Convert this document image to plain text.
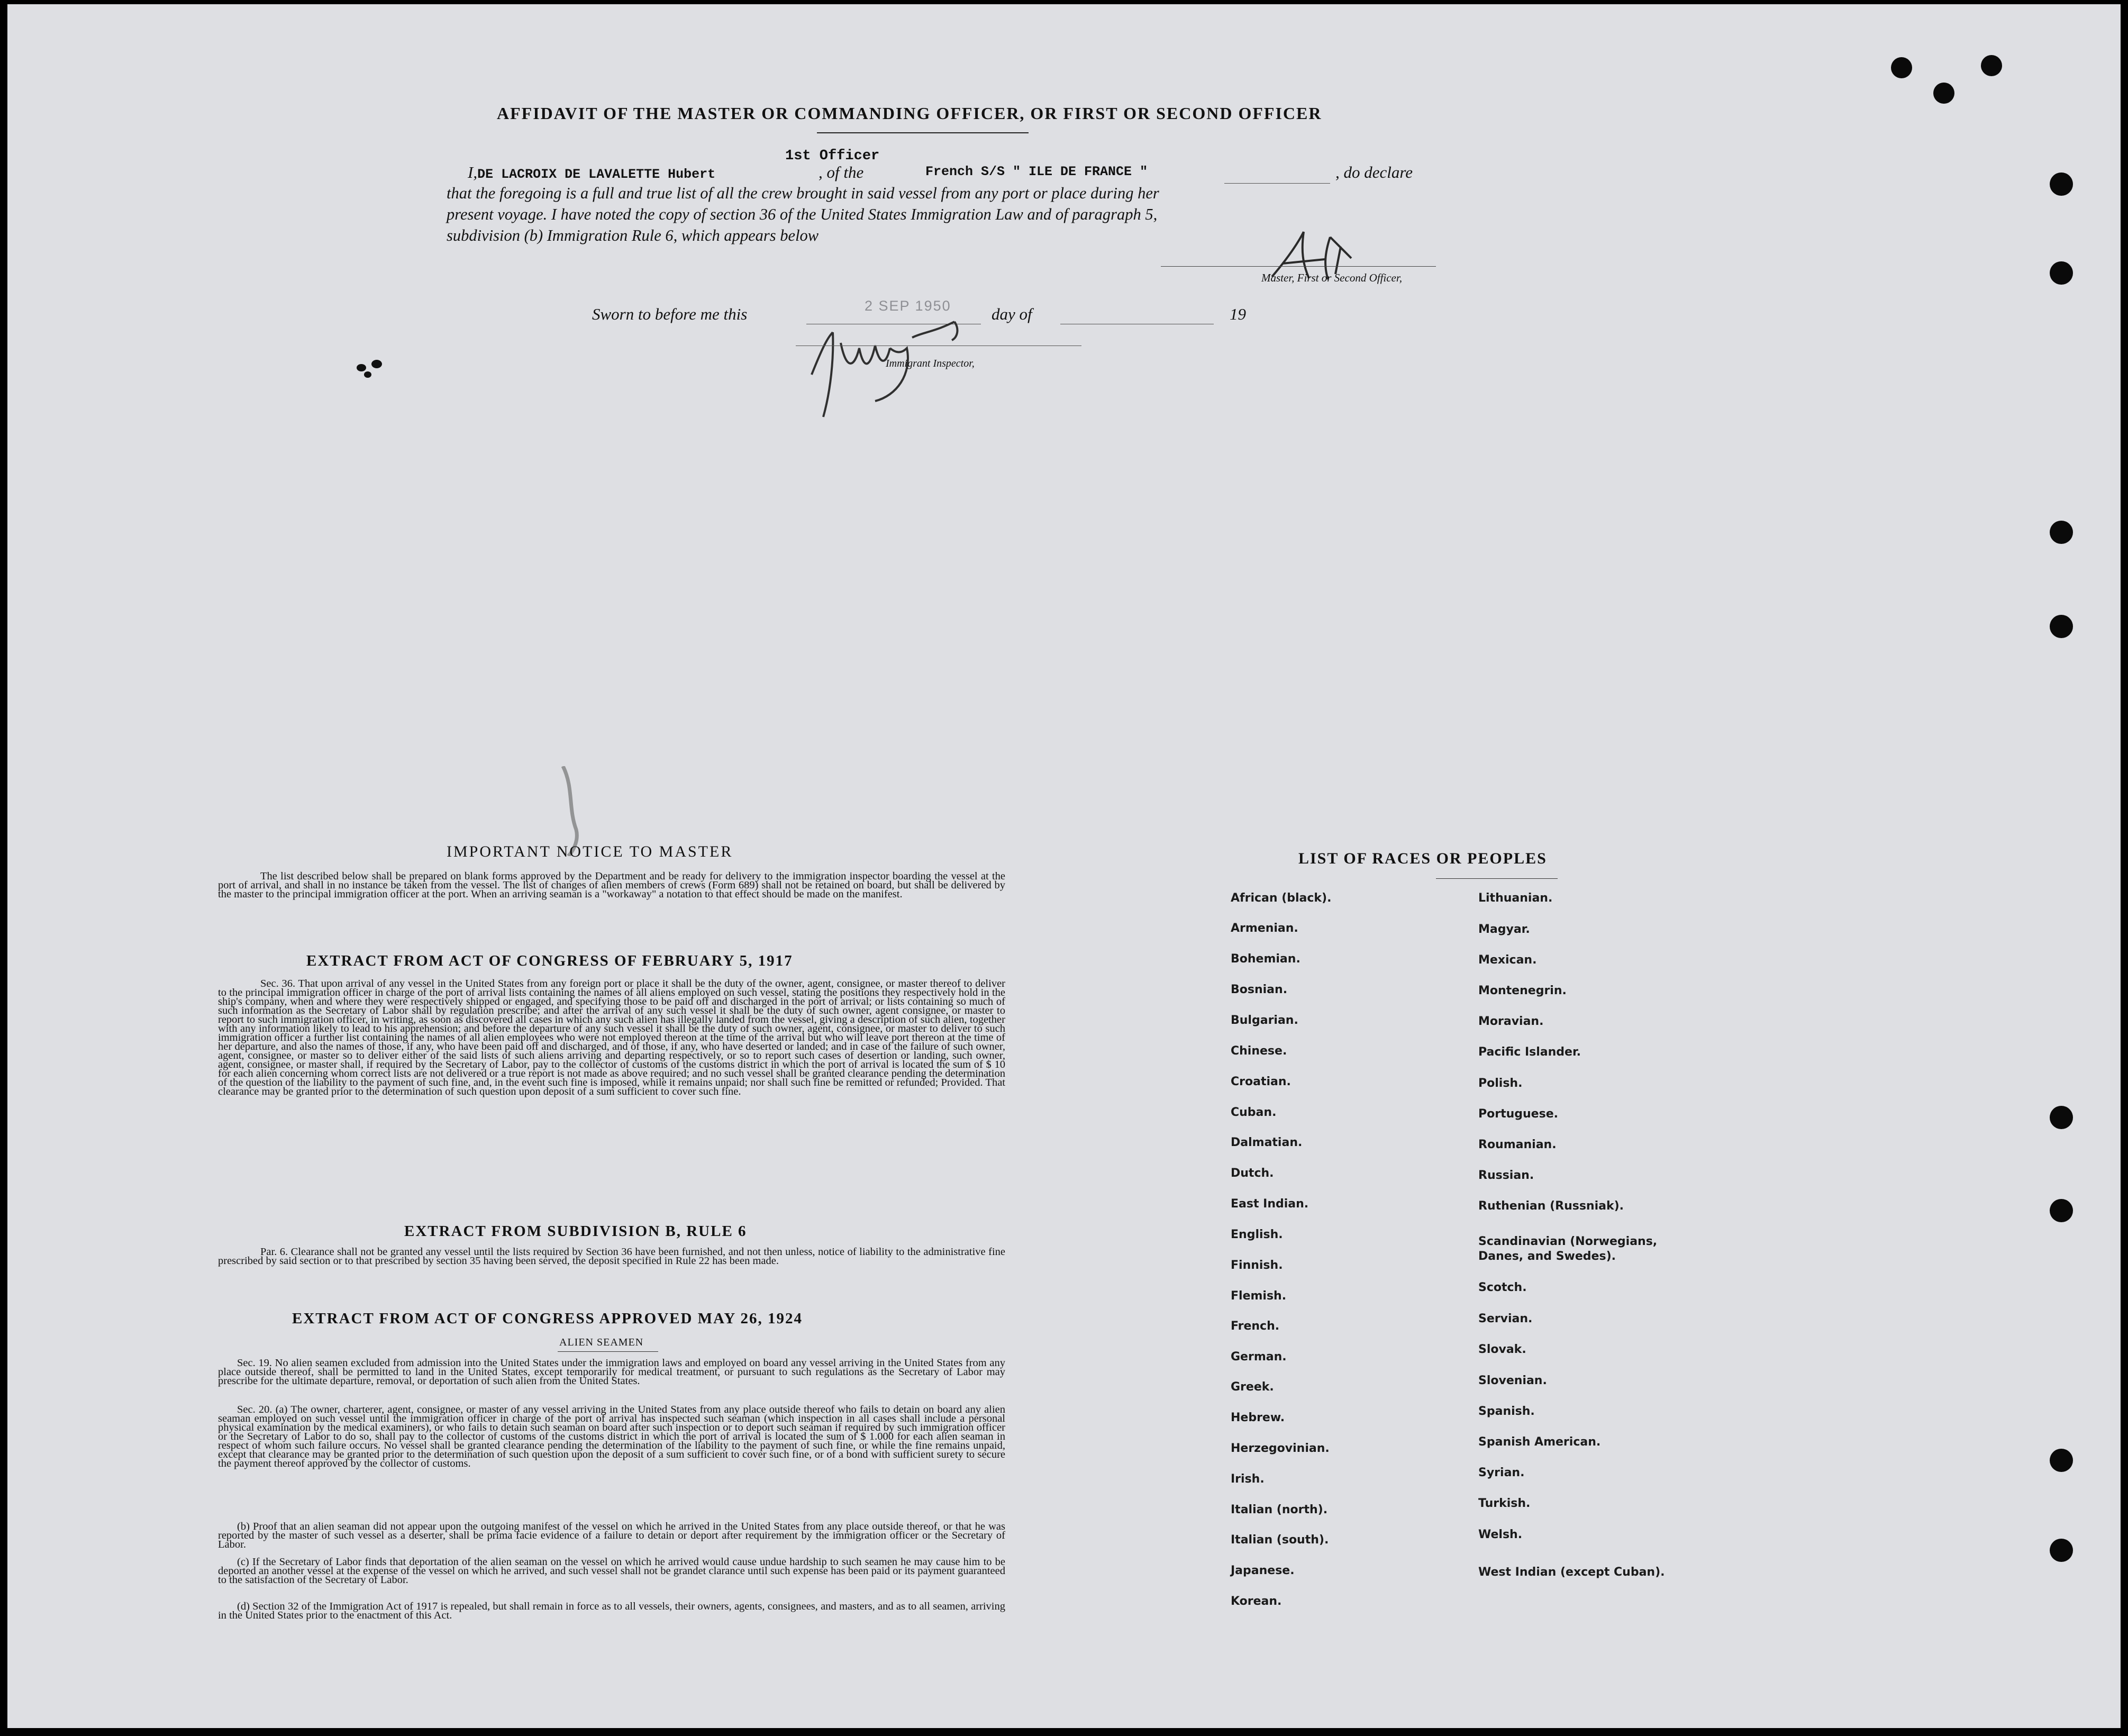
AFFIDAVIT OF THE MASTER OR COMMANDING OFFICER, OR FIRST OR SECOND OFFICER
1st Officer
I,DE LACROIX DE LAVALETTE Hubert	, of the	French S/S " ILE DE FRANCE "	, do declare
that the foregoing is a full and true list of all the crew brought in said vessel from any port or place during her
present voyage. I have noted the copy of section 36 of the United States Immigration Law and of paragraph 5,
subdivision (b) Immigration Rule 6, which appears below
Master, First or Second Officer,
Sworn to before me this	2 SEP 1950 day of	19
Immigrant Inspector,
IMPORTANT NOTICE TO MASTER
The list described below shall be prepared on blank forms approved by the Department and be ready for delivery to the immigration inspector boarding the vessel at the port of arrival, and shall in no instance be taken from the vessel. The list of changes of alien members of crews (Form 689) shall not be retained on board, but shall be delivered by the master to the principal immigration officer at the port. When an arriving seaman is a "workaway" a notation to that effect should be made on the manifest.
EXTRACT FROM ACT OF CONGRESS OF FEBRUARY 5, 1917
Sec. 36. That upon arrival of any vessel in the United States from any foreign port or place it shall be the duty of the owner, agent, consignee, or master thereof to deliver to the principal immigration officer in charge of the port of arrival lists containing the names of all aliens employed on such vessel, stating the positions they respectively hold in the ship's company, when and where they were respectively shipped or engaged, and specifying those to be paid off and discharged in the port of arrival; or lists containing so much of such information as the Secretary of Labor shall by regulation prescribe; and after the arrival of any such vessel it shall be the duty of such owner, agent consignee, or master to report to such immigration officer, in writing, as soon as discovered all cases in which any such alien has illegally landed from the vessel, giving a description of such alien, together with any information likely to lead to his apprehension; and before the departure of any such vessel it shall be the duty of such owner, agent, consignee, or master to deliver to such immigration officer a further list containing the names of all alien employees who were not employed thereon at the time of the arrival but who will leave port thereon at the time of her departure, and also the names of those, if any, who have been paid off and discharged, and of those, if any, who have deserted or landed; and in case of the failure of such owner, agent, consignee, or master so to deliver either of the said lists of such aliens arriving and departing respectively, or so to report such cases of desertion or landing, such owner, agent, consignee, or master shall, if required by the Secretary of Labor, pay to the collector of customs of the customs district in which the port of arrival is located the sum of $ 10 for each alien concerning whom correct lists are not delivered or a true report is not made as above required; and no such vessel shall be granted clearance pending the determination of the question of the liability to the payment of such fine, and, in the event such fine is imposed, while it remains unpaid; nor shall such fine be remitted or refunded; Provided. That clearance may be granted prior to the determination of such question upon deposit of a sum sufficient to cover such fine.
EXTRACT FROM SUBDIVISION B, RULE 6
Par. 6. Clearance shall not be granted any vessel until the lists required by Section 36 have been furnished, and not then unless, notice of liability to the administrative fine prescribed by said section or to that prescribed by section 35 having been served, the deposit specified in Rule 22 has been made.
EXTRACT FROM ACT OF CONGRESS APPROVED MAY 26, 1924
ALIEN SEAMEN
Sec. 19. No alien seamen excluded from admission into the United States under the immigration laws and employed on board any vessel arriving in the United States from any place outside thereof, shall be permitted to land in the United States, except temporarily for medical treatment, or pursuant to such regulations as the Secretary of Labor may prescribe for the ultimate departure, removal, or deportation of such alien from the United States.
Sec. 20. (a) The owner, charterer, agent, consignee, or master of any vessel arriving in the United States from any place outside thereof who fails to detain on board any alien seaman employed on such vessel until the immigration officer in charge of the port of arrival has inspected such seaman (which inspection in all cases shall include a personal physical examination by the medical examiners), or who fails to detain such seaman on board after such inspection or to deport such seaman if required by such immigration officer or the Secretary of Labor to do so, shall pay to the collector of customs of the customs district in which the port of arrival is located the sum of $ 1.000 for each alien seaman in respect of whom such failure occurs. No vessel shall be granted clearance pending the determination of the liability to the payment of such fine, or while the fine remains unpaid, except that clearance may be granted prior to the determination of such question upon the deposit of a sum sufficient to cover such fine, or of a bond with sufficient surety to secure the payment thereof approved by the collector of customs.
(b) Proof that an alien seaman did not appear upon the outgoing manifest of the vessel on which he arrived in the United States from any place outside thereof, or that he was reported by the master of such vessel as a deserter, shall be prima facie evidence of a failure to detain or deport after requirement by the immigration officer or the Secretary of Labor.
(c) If the Secretary of Labor finds that deportation of the alien seaman on the vessel on which he arrived would cause undue hardship to such seamen he may cause him to be deported an another vessel at the expense of the vessel on which he arrived, and such vessel shall not be grandet clarance until such expense has been paid or its payment guaranteed to the satisfaction of the Secretary of Labor.
(d) Section 32 of the Immigration Act of 1917 is repealed, but shall remain in force as to all vessels, their owners, agents, consignees, and masters, and as to all seamen, arriving in the United States prior to the enactment of this Act.
LIST OF RACES OR PEOPLES
African (black).
Armenian.
Bohemian.
Bosnian.
Bulgarian.
Chinese.
Croatian.
Cuban.
Dalmatian.
Dutch.
East Indian.
English.
Finnish.
Flemish.
French.
German.
Greek.
Hebrew.
Herzegovinian.
Irish.
Italian (north).
Italian (south).
Japanese.
Korean.
Lithuanian.
Magyar.
Mexican.
Montenegrin.
Moravian.
Pacific Islander.
Polish.
Portuguese.
Roumanian.
Russian.
Ruthenian (Russniak).
Scandinavian (Norwegians, Danes, and Swedes).
Scotch.
Servian.
Slovak.
Slovenian.
Spanish.
Spanish American.
Syrian.
Turkish.
Welsh.
West Indian (except Cuban).
